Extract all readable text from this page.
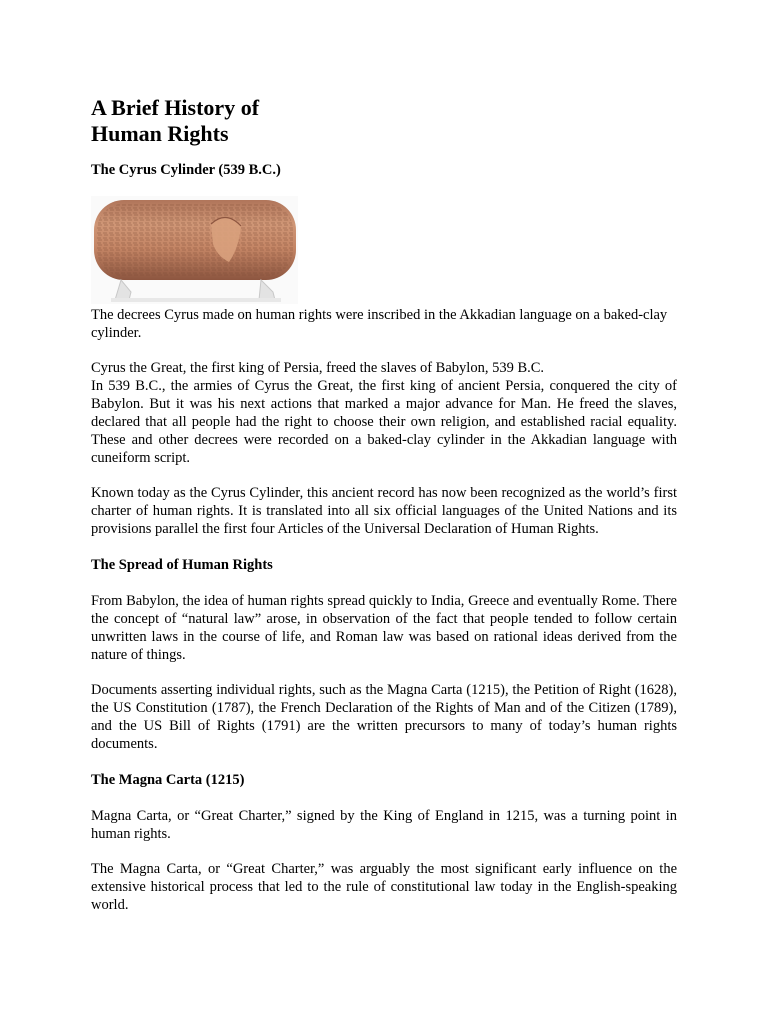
A Brief History of
Human Rights
The Cyrus Cylinder (539 B.C.)

The decrees Cyrus made on human rights were inscribed in the Akkadian language on a baked-clay cylinder.

Cyrus the Great, the first king of Persia, freed the slaves of Babylon, 539 B.C.

In 539 B.C., the armies of Cyrus the Great, the first king of ancient Persia, conquered the city of Babylon. But it was his next actions that marked a major advance for Man. He freed the slaves, declared that all people had the right to choose their own religion, and established racial equality. These and other decrees were recorded on a baked-clay cylinder in the Akkadian language with cuneiform script.

Known today as the Cyrus Cylinder, this ancient record has now been recognized as the world’s first charter of human rights. It is translated into all six official languages of the United Nations and its provisions parallel the first four Articles of the Universal Declaration of Human Rights.

The Spread of Human Rights

From Babylon, the idea of human rights spread quickly to India, Greece and eventually Rome. There the concept of “natural law” arose, in observation of the fact that people tended to follow certain unwritten laws in the course of life, and Roman law was based on rational ideas derived from the nature of things.

Documents asserting individual rights, such as the Magna Carta (1215), the Petition of Right (1628), the US Constitution (1787), the French Declaration of the Rights of Man and of the Citizen (1789), and the US Bill of Rights (1791) are the written precursors to many of today’s human rights documents.

The Magna Carta (1215)

Magna Carta, or “Great Charter,” signed by the King of England in 1215, was a turning point in human rights.

The Magna Carta, or “Great Charter,” was arguably the most significant early influence on the extensive historical process that led to the rule of constitutional law today in the English-speaking world.
